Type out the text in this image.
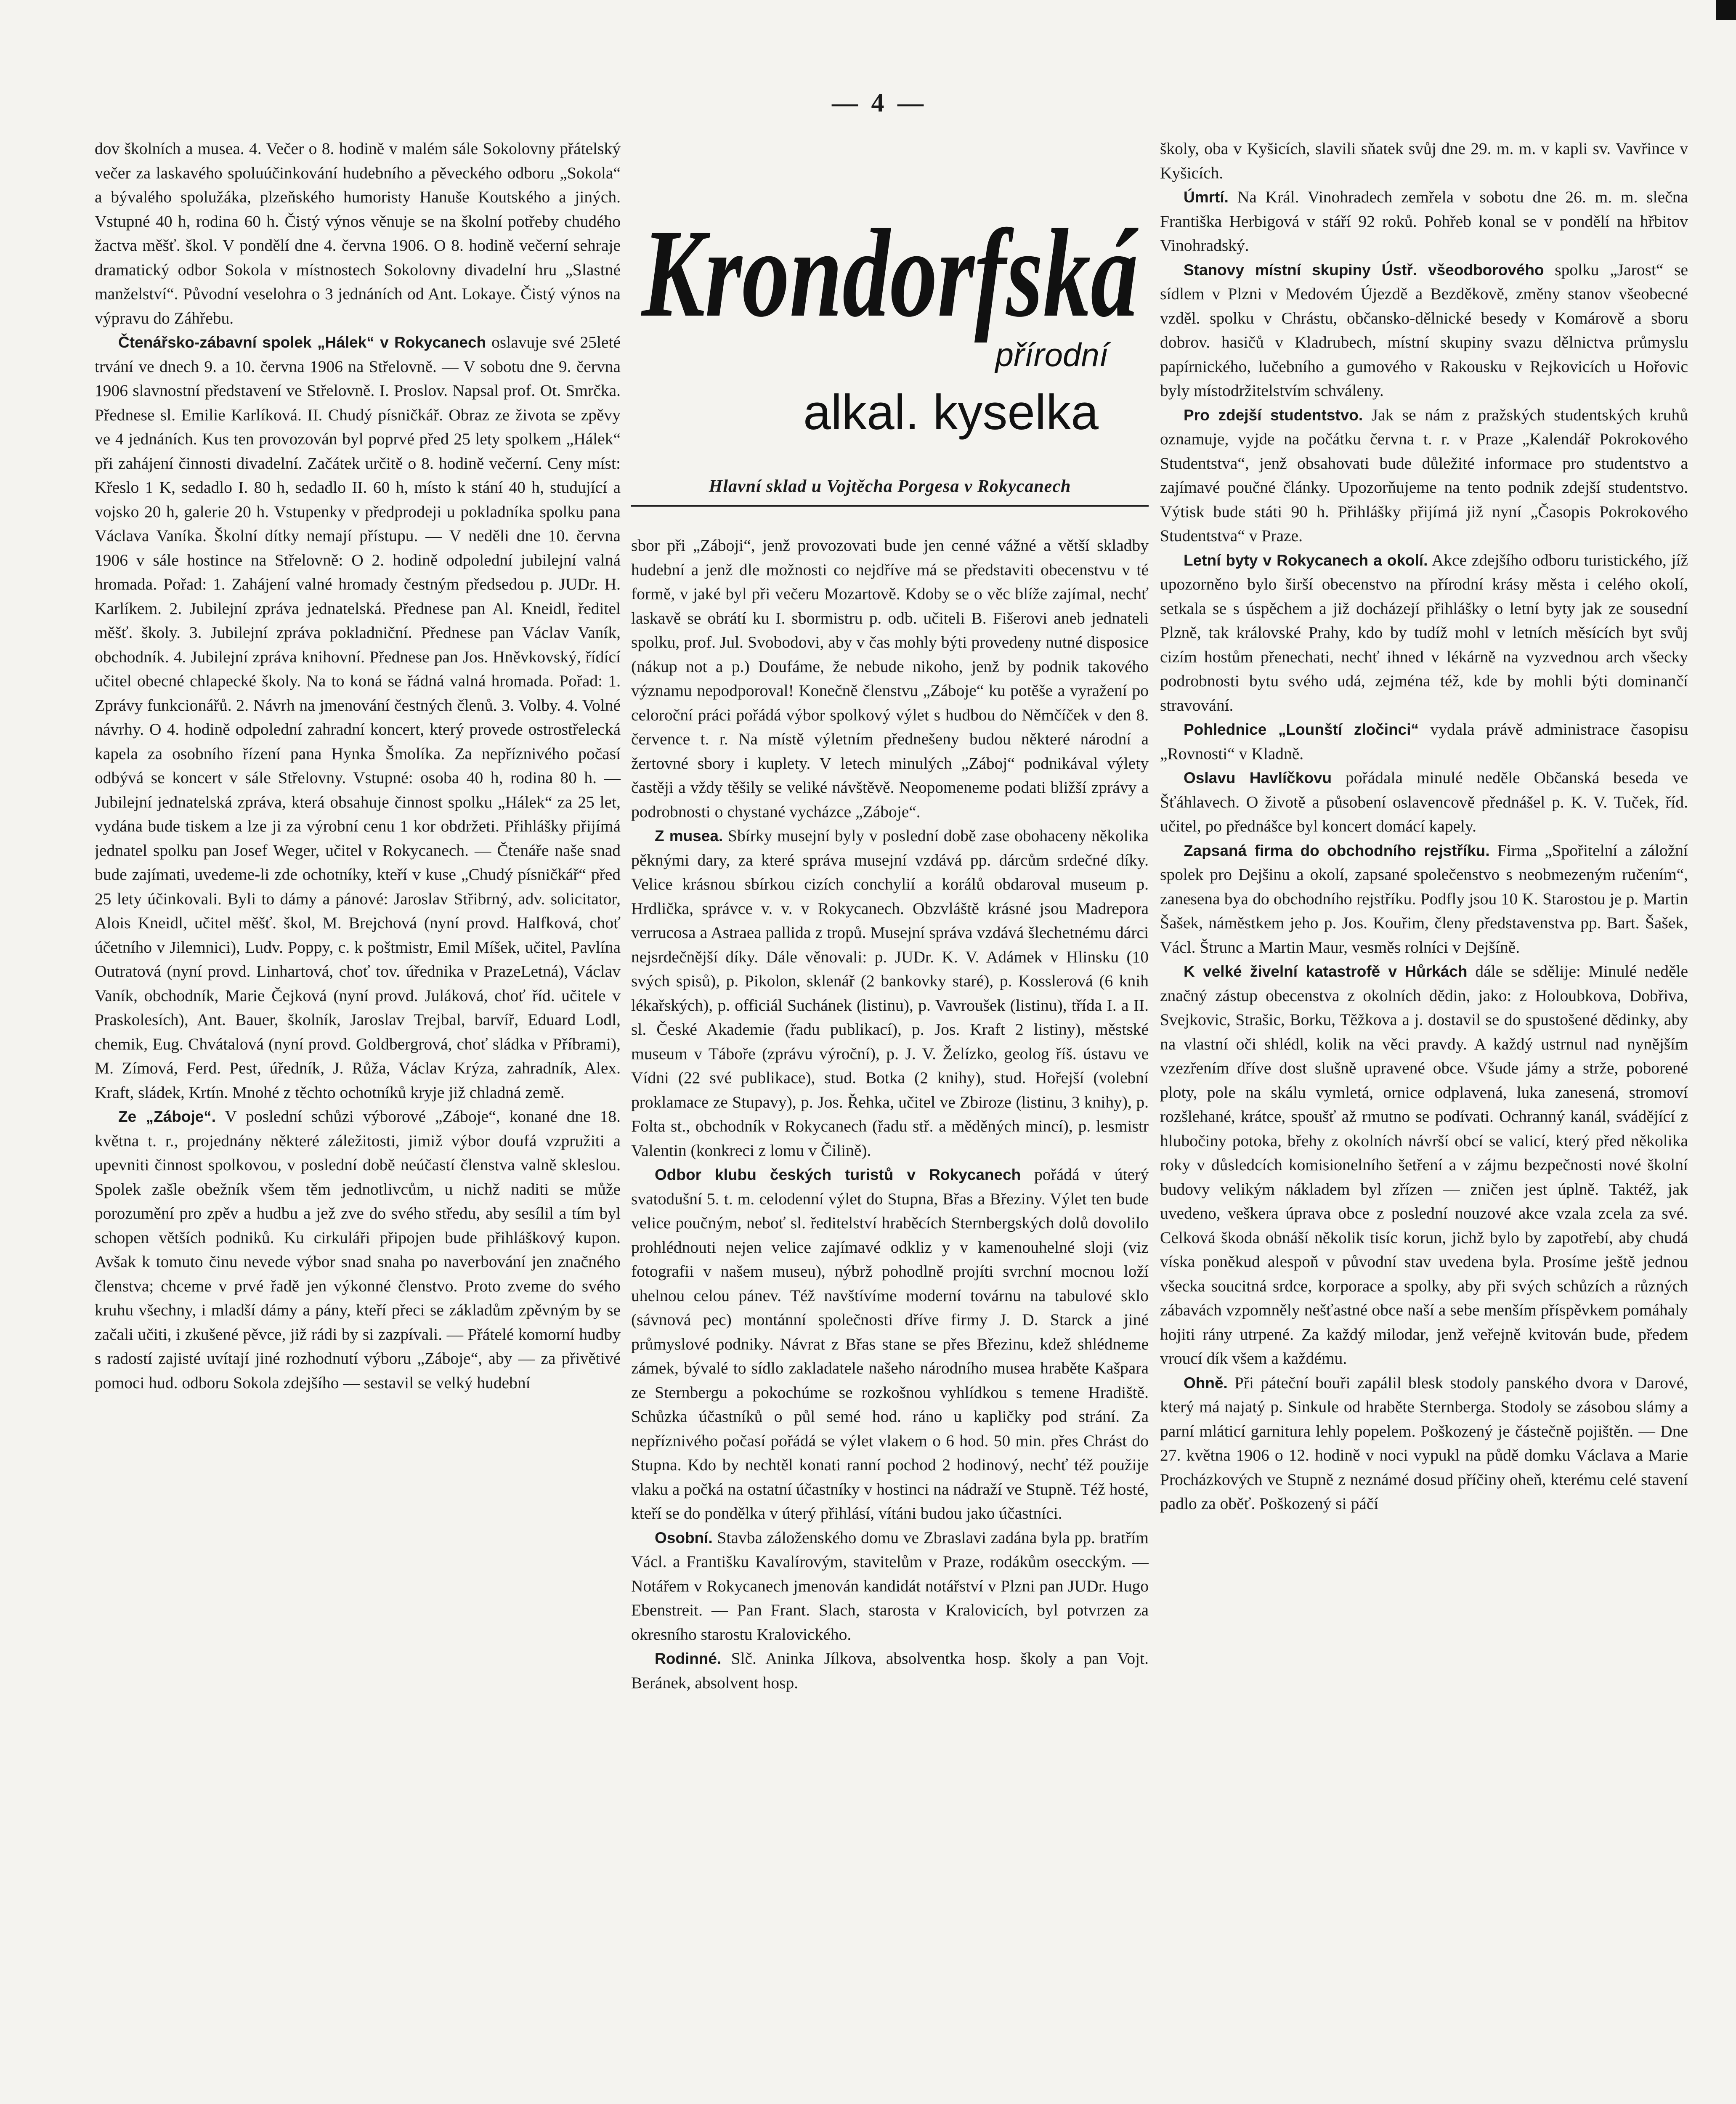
— 4 —

dov školních a musea. 4. Večer o 8. hodině v malém sále Sokolovny přátelský večer za laskavého spoluúčinkování hudebního a pěveckého odboru „Sokola“ a bývalého spolužáka, plzeňského humoristy Hanuše Koutského a jiných. Vstupné 40 h, rodina 60 h. Čistý výnos věnuje se na školní potřeby chudého žactva měšť. škol. V pondělí dne 4. června 1906. O 8. hodině večerní sehraje dramatický odbor Sokola v místnostech Sokolovny divadelní hru „Slastné manželství“. Původní veselohra o 3 jednáních od Ant. Lokaye. Čistý výnos na výpravu do Záhřebu.

Čtenářsko-zábavní spolek „Hálek“ v Rokycanech oslavuje své 25leté trvání ve dnech 9. a 10. června 1906 na Střelovně. — V sobotu dne 9. června 1906 slavnostní představení ve Střelovně. I. Proslov. Napsal prof. Ot. Smrčka. Přednese sl. Emilie Karlíková. II. Chudý písničkář. Obraz ze života se zpěvy ve 4 jednáních. Kus ten provozován byl poprvé před 25 lety spolkem „Hálek“ při zahájení činnosti divadelní. Začátek určitě o 8. hodině večerní. Ceny míst: Křeslo 1 K, sedadlo I. 80 h, sedadlo II. 60 h, místo k stání 40 h, studující a vojsko 20 h, galerie 20 h. Vstupenky v předprodeji u pokladníka spolku pana Václava Vaníka. Školní dítky nemají přístupu. — V neděli dne 10. června 1906 v sále hostince na Střelovně: O 2. hodině odpolední jubilejní valná hromada. Pořad: 1. Zahájení valné hromady čestným předsedou p. JUDr. H. Karlíkem. 2. Jubilejní zpráva jednatelská. Přednese pan Al. Kneidl, ředitel měšť. školy. 3. Jubilejní zpráva pokladniční. Přednese pan Václav Vaník, obchodník. 4. Jubilejní zpráva knihovní. Přednese pan Jos. Hněvkovský, řídící učitel obecné chlapecké školy. Na to koná se řádná valná hromada. Pořad: 1. Zprávy funkcionářů. 2. Návrh na jmenování čestných členů. 3. Volby. 4. Volné návrhy. O 4. hodině odpolední zahradní koncert, který provede ostrostřelecká kapela za osobního řízení pana Hynka Šmolíka. Za nepříznivého počasí odbývá se koncert v sále Střelovny. Vstupné: osoba 40 h, rodina 80 h. — Jubilejní jednatelská zpráva, která obsahuje činnost spolku „Hálek“ za 25 let, vydána bude tiskem a lze ji za výrobní cenu 1 kor obdržeti. Přihlášky přijímá jednatel spolku pan Josef Weger, učitel v Rokycanech. — Čtenáře naše snad bude zajímati, uvedeme-li zde ochotníky, kteří v kuse „Chudý písničkář“ před 25 lety účinkovali. Byli to dámy a pánové: Jaroslav Střibrný, adv. solicitator, Alois Kneidl, učitel měšť. škol, M. Brejchová (nyní provd. Halfková, choť účetního v Jilemnici), Ludv. Poppy, c. k poštmistr, Emil Míšek, učitel, Pavlína Outratová (nyní provd. Linhartová, choť tov. úřednika v PrazeLetná), Václav Vaník, obchodník, Marie Čejková (nyní provd. Juláková, choť říd. učitele v Praskolesích), Ant. Bauer, školník, Jaroslav Trejbal, barvíř, Eduard Lodl, chemik, Eug. Chvátalová (nyní provd. Goldbergrová, choť sládka v Příbrami), M. Zímová, Ferd. Pest, úředník, J. Růža, Václav Krýza, zahradník, Alex. Kraft, sládek, Krtín. Mnohé z těchto ochotníků kryje již chladná země.

Ze „Záboje“. V poslední schůzi výborové „Záboje“, konané dne 18. května t. r., projednány některé záležitosti, jimiž výbor doufá vzpružiti a upevniti činnost spolkovou, v poslední době neúčastí členstva valně skleslou. Spolek zašle obežník všem těm jednotlivcům, u nichž naditi se může porozumění pro zpěv a hudbu a jež zve do svého středu, aby sesílil a tím byl schopen větších podniků. Ku cirkuláři připojen bude přihláškový kupon. Avšak k tomuto činu nevede výbor snad snaha po naverbování jen značného členstva; chceme v prvé řadě jen výkonné členstvo. Proto zveme do svého kruhu všechny, i mladší dámy a pány, kteří přeci se základům zpěvným by se začali učiti, i zkušené pěvce, již rádi by si zazpívali. — Přátelé komorní hudby s radostí zajisté uvítají jiné rozhodnutí výboru „Záboje“, aby — za přivětivé pomoci hud. odboru Sokola zdejšího — sestavil se velký hudební

Krondorfská
přírodní
alkal. kyselka
Hlavní sklad u Vojtěcha Porgesa v Rokycanech

sbor při „Záboji“, jenž provozovati bude jen cenné vážné a větší skladby hudební a jenž dle možnosti co nejdříve má se představiti obecenstvu v té formě, v jaké byl při večeru Mozartově. Kdoby se o věc blíže zajímal, nechť laskavě se obrátí ku I. sbormistru p. odb. učiteli B. Fišerovi aneb jednateli spolku, prof. Jul. Svobodovi, aby v čas mohly býti provedeny nutné disposice (nákup not a p.) Doufáme, že nebude nikoho, jenž by podnik takového významu nepodporoval! Konečně členstvu „Záboje“ ku potěše a vyražení po celoroční práci pořádá výbor spolkový výlet s hudbou do Němčíček v den 8. července t. r. Na místě výletním přednešeny budou některé národní a žertovné sbory i kuplety. V letech minulých „Záboj“ podnikával výlety častěji a vždy těšily se veliké návštěvě. Neopomeneme podati bližší zprávy a podrobnosti o chystané vycházce „Záboje“.

Z musea. Sbírky musejní byly v poslední době zase obohaceny několika pěknými dary, za které správa musejní vzdává pp. dárcům srdečné díky. Velice krásnou sbírkou cizích conchylií a korálů obdaroval museum p. Hrdlička, správce v. v. v Rokycanech. Obzvláště krásné jsou Madrepora verrucosa a Astraea pallida z tropů. Musejní správa vzdává šlechetnému dárci nejsrdečnější díky. Dále věnovali: p. JUDr. K. V. Adámek v Hlinsku (10 svých spisů), p. Pikolon, sklenář (2 bankovky staré), p. Kosslerová (6 knih lékařských), p. officiál Suchánek (listinu), p. Vavroušek (listinu), třída I. a II. sl. České Akademie (řadu publikací), p. Jos. Kraft 2 listiny), městské museum v Táboře (zprávu výroční), p. J. V. Želízko, geolog říš. ústavu ve Vídni (22 své publikace), stud. Botka (2 knihy), stud. Hořejší (volební proklamace ze Stupavy), p. Jos. Řehka, učitel ve Zbiroze (listinu, 3 knihy), p. Folta st., obchodník v Rokycanech (řadu stř. a měděných mincí), p. lesmistr Valentin (konkreci z lomu v Čilině).

Odbor klubu českých turistů v Rokycanech pořádá v úterý svatodušní 5. t. m. celodenní výlet do Stupna, Břas a Březiny. Výlet ten bude velice poučným, neboť sl. ředitelství hraběcích Sternbergských dolů dovolilo prohlédnouti nejen velice zajímavé odkliz y v kamenouhelné sloji (viz fotografii v našem museu), nýbrž pohodlně projíti svrchní mocnou loží uhelnou celou pánev. Též navštívíme moderní továrnu na tabulové sklo (sávnová pec) montánní společnosti dříve firmy J. D. Starck a jiné průmyslové podniky. Návrat z Břas stane se přes Březinu, kdež shlédneme zámek, bývalé to sídlo zakladatele našeho národního musea hraběte Kašpara ze Sternbergu a pokochúme se rozkošnou vyhlídkou s temene Hradiště. Schůzka účastníků o půl semé hod. ráno u kapličky pod strání. Za nepříznivého počasí pořádá se výlet vlakem o 6 hod. 50 min. přes Chrást do Stupna. Kdo by nechtěl konati ranní pochod 2 hodinový, nechť též použije vlaku a počká na ostatní účastníky v hostinci na nádraží ve Stupně. Též hosté, kteří se do pondělka v úterý přihlásí, vítáni budou jako účastníci.

Osobní. Stavba záloženského domu ve Zbraslavi zadána byla pp. bratřím Václ. a Františku Kavalírovým, stavitelům v Praze, rodákům osecckým. — Notářem v Rokycanech jmenován kandidát notářství v Plzni pan JUDr. Hugo Ebenstreit. — Pan Frant. Slach, starosta v Kralovicích, byl potvrzen za okresního starostu Kralovického.

Rodinné. Slč. Aninka Jílkova, absolventka hosp. školy a pan Vojt. Beránek, absolvent hosp.

školy, oba v Kyšicích, slavili sňatek svůj dne 29. m. m. v kapli sv. Vavřince v Kyšicích.

Úmrtí. Na Král. Vinohradech zemřela v sobotu dne 26. m. m. slečna Františka Herbigová v stáří 92 roků. Pohřeb konal se v pondělí na hřbitov Vinohradský.

Stanovy místní skupiny Ústř. všeodborového spolku „Jarost“ se sídlem v Plzni v Medovém Újezdě a Bezděkově, změny stanov všeobecné vzděl. spolku v Chrástu, občansko-dělnické besedy v Komárově a sboru dobrov. hasičů v Kladrubech, místní skupiny svazu dělnictva průmyslu papírnického, lučebního a gumového v Rakousku v Rejkovicích u Hořovic byly místodržitelstvím schváleny.

Pro zdejší studentstvo. Jak se nám z pražských studentských kruhů oznamuje, vyjde na počátku června t. r. v Praze „Kalendář Pokrokového Studentstva“, jenž obsahovati bude důležité informace pro studentstvo a zajímavé poučné články. Upozorňujeme na tento podnik zdejší studentstvo. Výtisk bude státi 90 h. Přihlášky přijímá již nyní „Časopis Pokrokového Studentstva“ v Praze.

Letní byty v Rokycanech a okolí. Akce zdejšího odboru turistického, jíž upozorněno bylo širší obecenstvo na přírodní krásy města i celého okolí, setkala se s úspěchem a již docházejí přihlášky o letní byty jak ze sousední Plzně, tak královské Prahy, kdo by tudíž mohl v letních měsících byt svůj cizím hostům přenechati, nechť ihned v lékárně na vyzvednou arch všecky podrobnosti bytu svého udá, zejména též, kde by mohli býti dominančí stravování.

Pohlednice „Lounští zločinci“ vydala právě administrace časopisu „Rovnosti“ v Kladně.

Oslavu Havlíčkovu pořádala minulé neděle Občanská beseda ve Šťáhlavech. O životě a působení oslavencově přednášel p. K. V. Tuček, říd. učitel, po přednášce byl koncert domácí kapely.

Zapsaná firma do obchodního rejstříku. Firma „Spořitelní a záložní spolek pro Dejšinu a okolí, zapsané společenstvo s neobmezeným ručením“, zanesena bya do obchodního rejstříku. Podfly jsou 10 K. Starostou je p. Martin Šašek, náměstkem jeho p. Jos. Kouřim, členy představenstva pp. Bart. Šašek, Václ. Štrunc a Martin Maur, vesměs rolníci v Dejšíně.

K velké živelní katastrofě v Hůrkách dále se sdělije: Minulé neděle značný zástup obecenstva z okolních dědin, jako: z Holoubkova, Dobřiva, Svejkovic, Strašic, Borku, Těžkova a j. dostavil se do spustošené dědinky, aby na vlastní oči shlédl, kolik na věci pravdy. A každý ustrnul nad nynějším vzezřením dříve dost slušně upravené obce. Všude jámy a strže, poborené ploty, pole na skálu vymletá, ornice odplavená, luka zanesená, stromoví rozšlehané, krátce, spoušť až rmutno se podívati. Ochranný kanál, svádějící z hlubočiny potoka, břehy z okolních návrší obcí se valicí, který před několika roky v důsledcích komisionelního šetření a v zájmu bezpečnosti nové školní budovy velikým nákladem byl zřízen — zničen jest úplně. Taktéž, jak uvedeno, veškera úprava obce z poslední nouzové akce vzala zcela za své. Celková škoda obnáší několik tisíc korun, jichž bylo by zapotřebí, aby chudá víska poněkud alespoň v původní stav uvedena byla. Prosíme ještě jednou všecka soucitná srdce, korporace a spolky, aby při svých schůzích a různých zábavách vzpomněly nešťastné obce naší a sebe menším příspěvkem pomáhaly hojiti rány utrpené. Za každý milodar, jenž veřejně kvitován bude, předem vroucí dík všem a každému.

Ohně. Při páteční bouři zapálil blesk stodoly panského dvora v Darové, který má najatý p. Sinkule od hraběte Sternberga. Stodoly se zásobou slámy a parní mláticí garniturа lehly popelem. Poškozený je částečně pojištěn. — Dne 27. května 1906 o 12. hodině v noci vypukl na půdě domku Václava a Marie Procházkových ve Stupně z neznámé dosud příčiny oheň, kterému celé stavení padlo za oběť. Poškozený si páčí
